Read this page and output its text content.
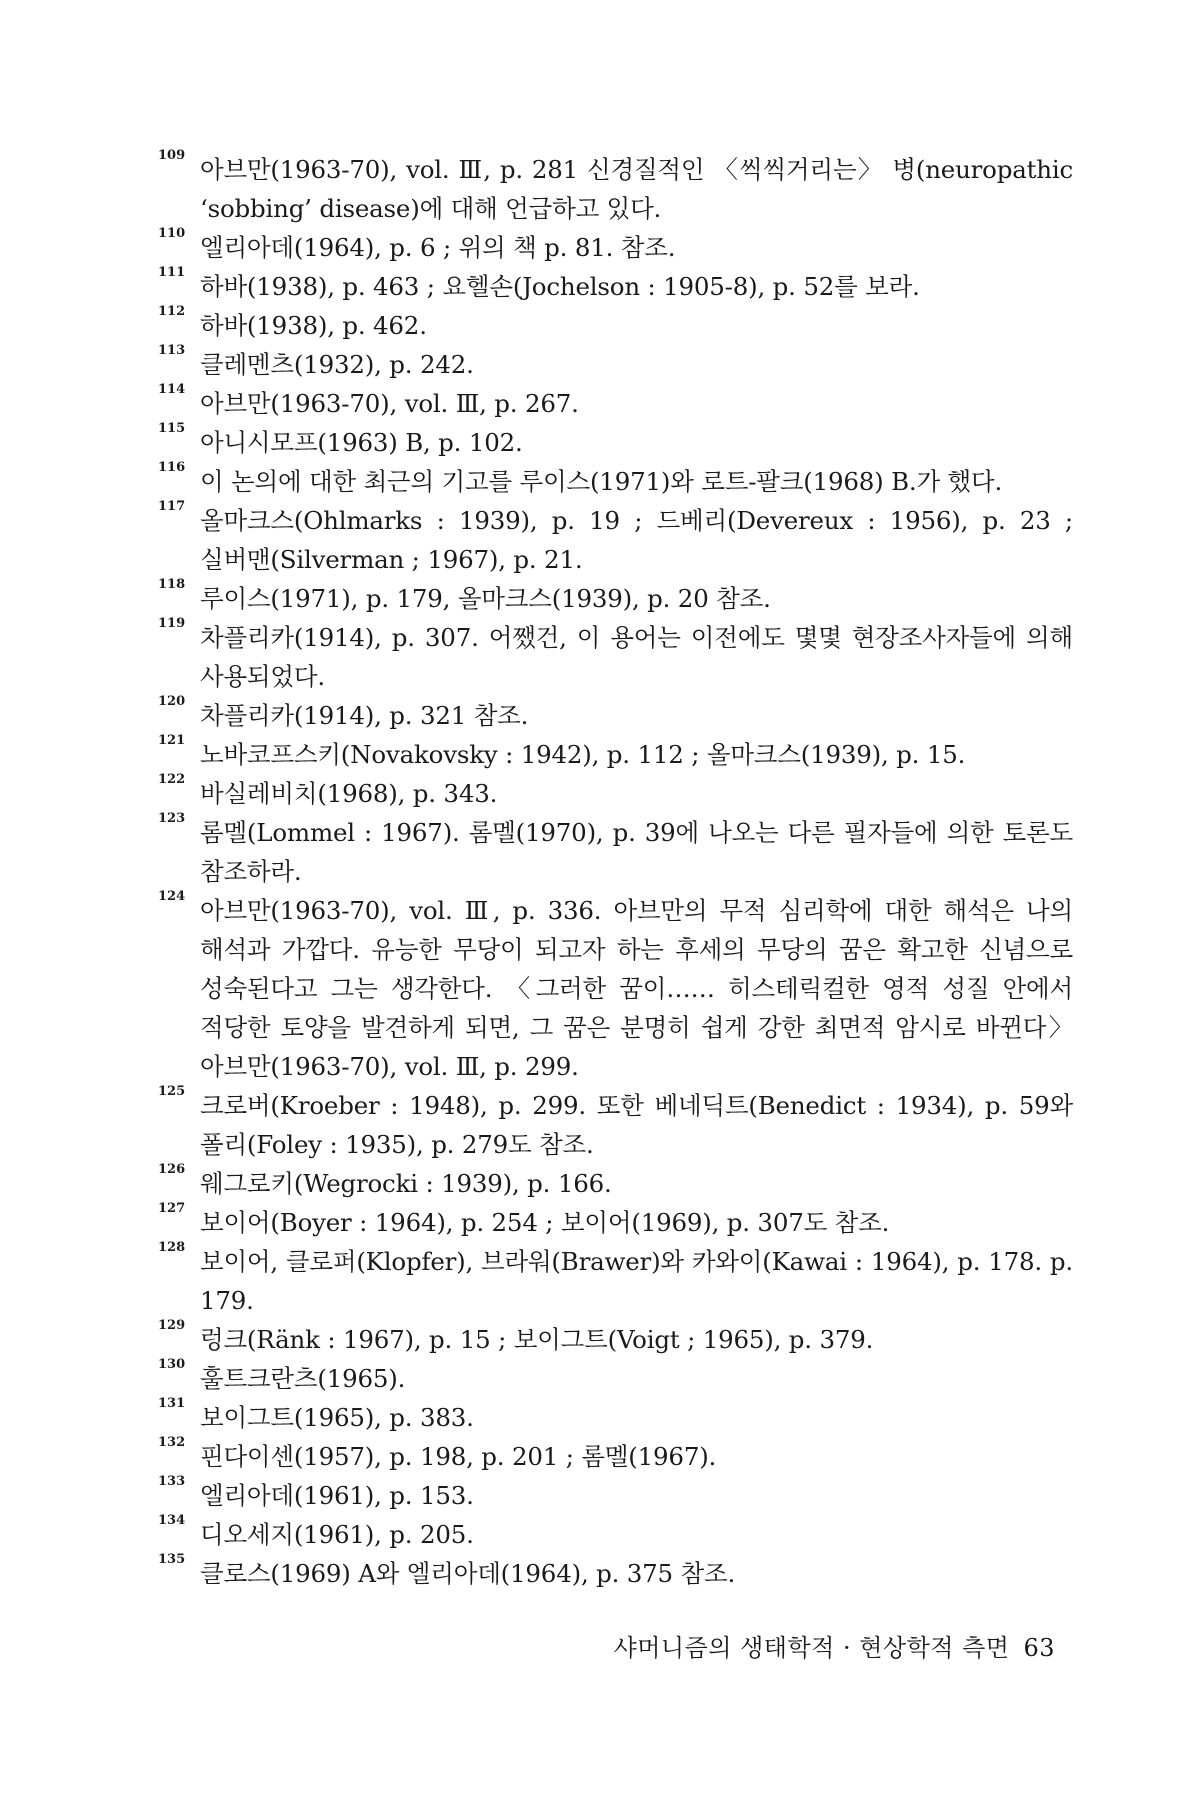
109 아브만(1963-70), vol. Ⅲ, p. 281 신경질적인 〈씩씩거리는〉 병(neuropathic ‘sobbing’ disease)에 대해 언급하고 있다.

110 엘리아데(1964), p. 6 ; 위의 책 p. 81. 참조.

111 하바(1938), p. 463 ; 요헬손(Jochelson : 1905-8), p. 52를 보라.

112 하바(1938), p. 462.

113 클레멘츠(1932), p. 242.

114 아브만(1963-70), vol. Ⅲ, p. 267.

115 아니시모프(1963) B, p. 102.

116 이 논의에 대한 최근의 기고를 루이스(1971)와 로트-팔크(1968) B.가 했다.

117 올마크스(Ohlmarks : 1939), p. 19 ; 드베리(Devereux : 1956), p. 23 ; 실버맨(Silverman ; 1967), p. 21.

118 루이스(1971), p. 179, 올마크스(1939), p. 20 참조.

119 차플리카(1914), p. 307. 어쨌건, 이 용어는 이전에도 몇몇 현장조사자들에 의해 사용되었다.

120 차플리카(1914), p. 321 참조.

121 노바코프스키(Novakovsky : 1942), p. 112 ; 올마크스(1939), p. 15.

122 바실레비치(1968), p. 343.

123 롬멜(Lommel : 1967). 롬멜(1970), p. 39에 나오는 다른 필자들에 의한 토론도 참조하라.

124 아브만(1963-70), vol. Ⅲ, p. 336. 아브만의 무적 심리학에 대한 해석은 나의 해석과 가깝다. 유능한 무당이 되고자 하는 후세의 무당의 꿈은 확고한 신념으로 성숙된다고 그는 생각한다. 〈그러한 꿈이…… 히스테릭컬한 영적 성질 안에서 적당한 토양을 발견하게 되면, 그 꿈은 분명히 쉽게 강한 최면적 암시로 바뀐다〉 아브만(1963-70), vol. Ⅲ, p. 299.

125 크로버(Kroeber : 1948), p. 299. 또한 베네딕트(Benedict : 1934), p. 59와 폴리(Foley : 1935), p. 279도 참조.

126 웨그로키(Wegrocki : 1939), p. 166.

127 보이어(Boyer : 1964), p. 254 ; 보이어(1969), p. 307도 참조.

128 보이어, 클로퍼(Klopfer), 브라워(Brawer)와 카와이(Kawai : 1964), p. 178. p. 179.

129 렁크(Ränk : 1967), p. 15 ; 보이그트(Voigt ; 1965), p. 379.

130 훌트크란츠(1965).

131 보이그트(1965), p. 383.

132 핀다이센(1957), p. 198, p. 201 ; 롬멜(1967).

133 엘리아데(1961), p. 153.

134 디오세지(1961), p. 205.

135 클로스(1969) A와 엘리아데(1964), p. 375 참조.

샤머니즘의 생태학적 · 현상학적 측면 63
